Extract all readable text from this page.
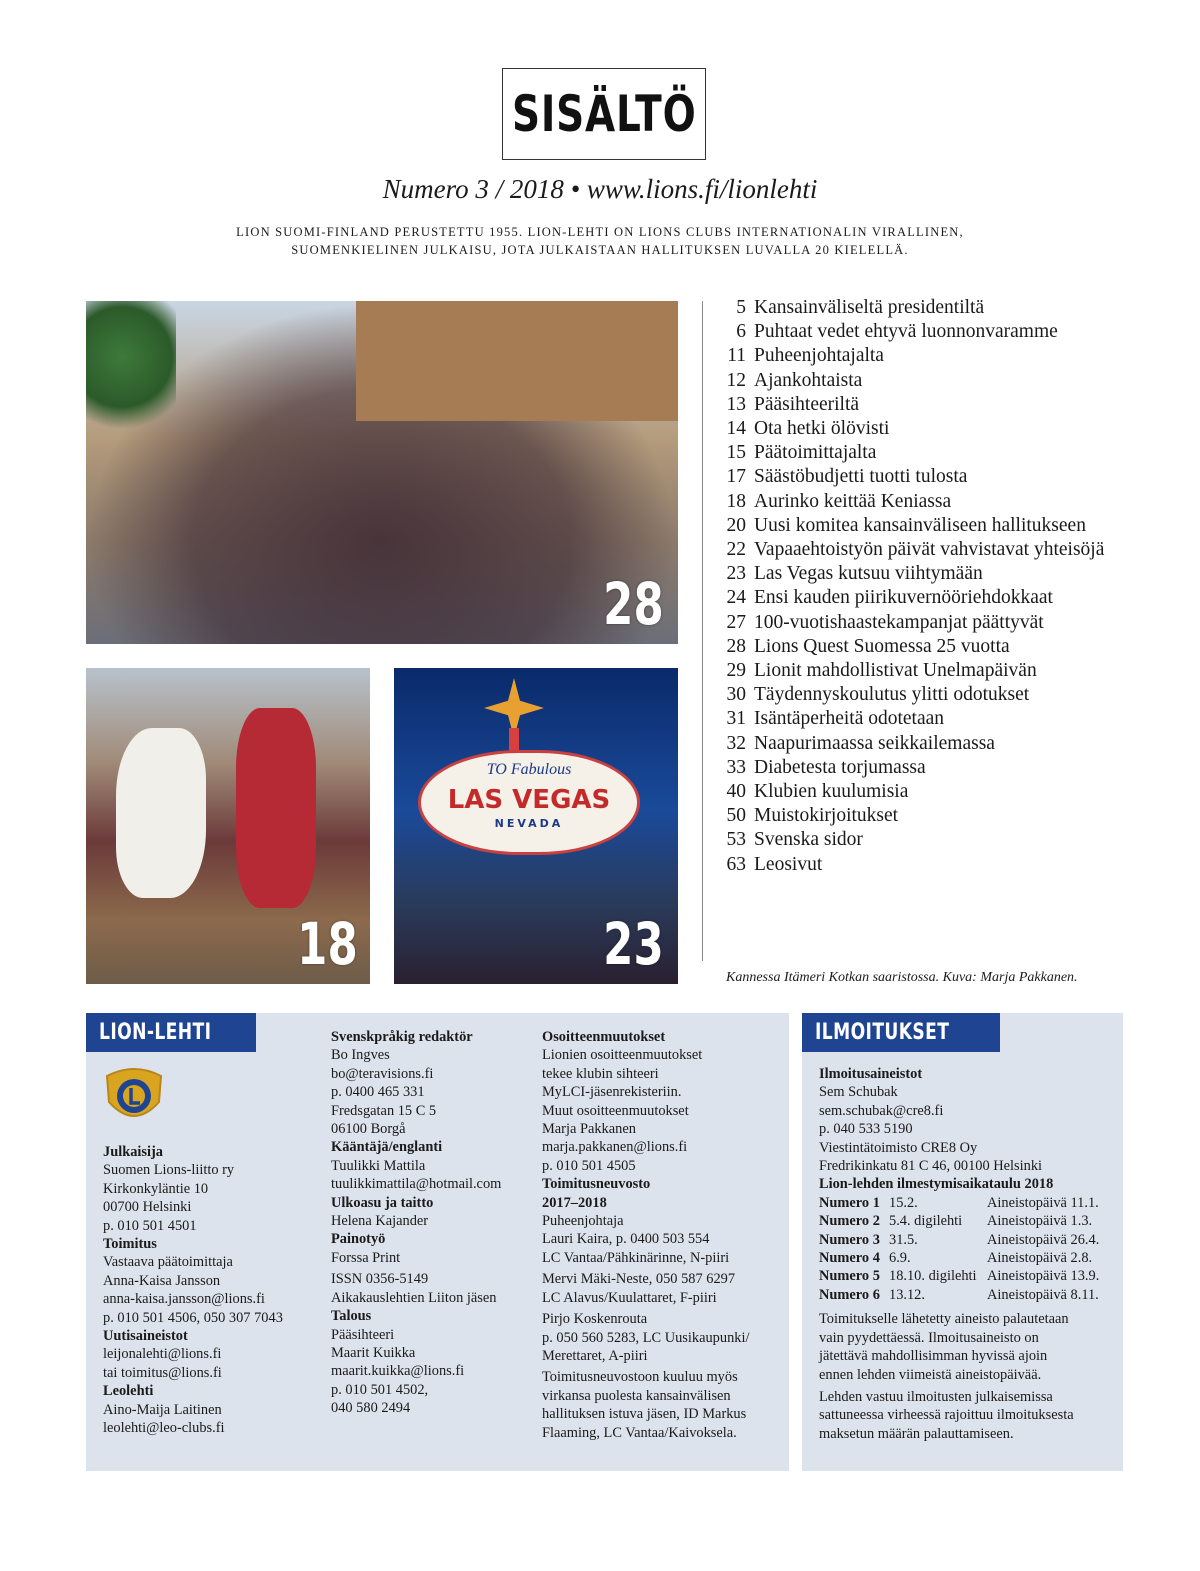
SISÄLTÖ
Numero 3 / 2018 • www.lions.fi/lionlehti
LION SUOMI-FINLAND PERUSTETTU 1955. LION-LEHTI ON LIONS CLUBS INTERNATIONALIN VIRALLINEN,
SUOMENKIELINEN JULKAISU, JOTA JULKAISTAAN HALLITUKSEN LUVALLA 20 KIELELLÄ.
28
18
TO Fabulous
LAS VEGAS
NEVADA
23
5 Kansainväliseltä presidentiltä
6 Puhtaat vedet ehtyvä luonnonvaramme
11 Puheenjohtajalta
12 Ajankohtaista
13 Pääsihteeriltä
14 Ota hetki ölövisti
15 Päätoimittajalta
17 Säästöbudjetti tuotti tulosta
18 Aurinko keittää Keniassa
20 Uusi komitea kansainväliseen hallitukseen
22 Vapaaehtoistyön päivät vahvistavat yhteisöjä
23 Las Vegas kutsuu viihtymään
24 Ensi kauden piirikuvernööriehdokkaat
27 100-vuotishaastekampanjat päättyvät
28 Lions Quest Suomessa 25 vuotta
29 Lionit mahdollistivat Unelmapäivän
30 Täydennyskoulutus ylitti odotukset
31 Isäntäperheitä odotetaan
32 Naapurimaassa seikkailemassa
33 Diabetesta torjumassa
40 Klubien kuulumisia
50 Muistokirjoitukset
53 Svenska sidor
63 Leosivut
Kannessa Itämeri Kotkan saaristossa. Kuva: Marja Pakkanen.
LION-LEHTI
Julkaisija
Suomen Lions-liitto ry
Kirkonkyläntie 10
00700 Helsinki
p. 010 501 4501
Toimitus
Vastaava päätoimittaja
Anna-Kaisa Jansson
anna-kaisa.jansson@lions.fi
p. 010 501 4506, 050 307 7043
Uutisaineistot
leijonalehti@lions.fi
tai toimitus@lions.fi
Leolehti
Aino-Maija Laitinen
leolehti@leo-clubs.fi
Svenskpråkig redaktör
Bo Ingves
bo@teravisions.fi
p. 0400 465 331
Fredsgatan 15 C 5
06100 Borgå
Kääntäjä/englanti
Tuulikki Mattila
tuulikkimattila@hotmail.com
Ulkoasu ja taitto
Helena Kajander
Painotyö
Forssa Print
ISSN 0356-5149
Aikakauslehtien Liiton jäsen
Talous
Pääsihteeri
Maarit Kuikka
maarit.kuikka@lions.fi
p. 010 501 4502,
040 580 2494
Osoitteenmuutokset
Lionien osoitteenmuutokset
tekee klubin sihteeri
MyLCI-jäsenrekisteriin.
Muut osoitteenmuutokset
Marja Pakkanen
marja.pakkanen@lions.fi
p. 010 501 4505
Toimitusneuvosto
2017–2018
Puheenjohtaja
Lauri Kaira, p. 0400 503 554
LC Vantaa/Pähkinärinne, N-piiri
Mervi Mäki-Neste, 050 587 6297
LC Alavus/Kuulattaret, F-piiri
Pirjo Koskenrouta
p. 050 560 5283, LC Uusikaupunki/
Merettaret, A-piiri
Toimitusneuvostoon kuuluu myös
virkansa puolesta kansainvälisen
hallituksen istuva jäsen, ID Markus
Flaaming, LC Vantaa/Kaivoksela.
ILMOITUKSET
Ilmoitusaineistot
Sem Schubak
sem.schubak@cre8.fi
p. 040 533 5190
Viestintätoimisto CRE8 Oy
Fredrikinkatu 81 C 46, 00100 Helsinki
Lion-lehden ilmestymisaikataulu 2018
Numero 1	15.2.	Aineistopäivä 11.1.
Numero 2	5.4. digilehti	Aineistopäivä 1.3.
Numero 3	31.5.	Aineistopäivä 26.4.
Numero 4	6.9.	Aineistopäivä 2.8.
Numero 5	18.10. digilehti	Aineistopäivä 13.9.
Numero 6	13.12.	Aineistopäivä 8.11.
Toimitukselle lähetetty aineisto palautetaan
vain pyydettäessä. Ilmoitusaineisto on
jätettävä mahdollisimman hyvissä ajoin
ennen lehden viimeistä aineistopäivää.
Lehden vastuu ilmoitusten julkaisemissa
sattuneessa virheessä rajoittuu ilmoituksesta
maksetun määrän palauttamiseen.
